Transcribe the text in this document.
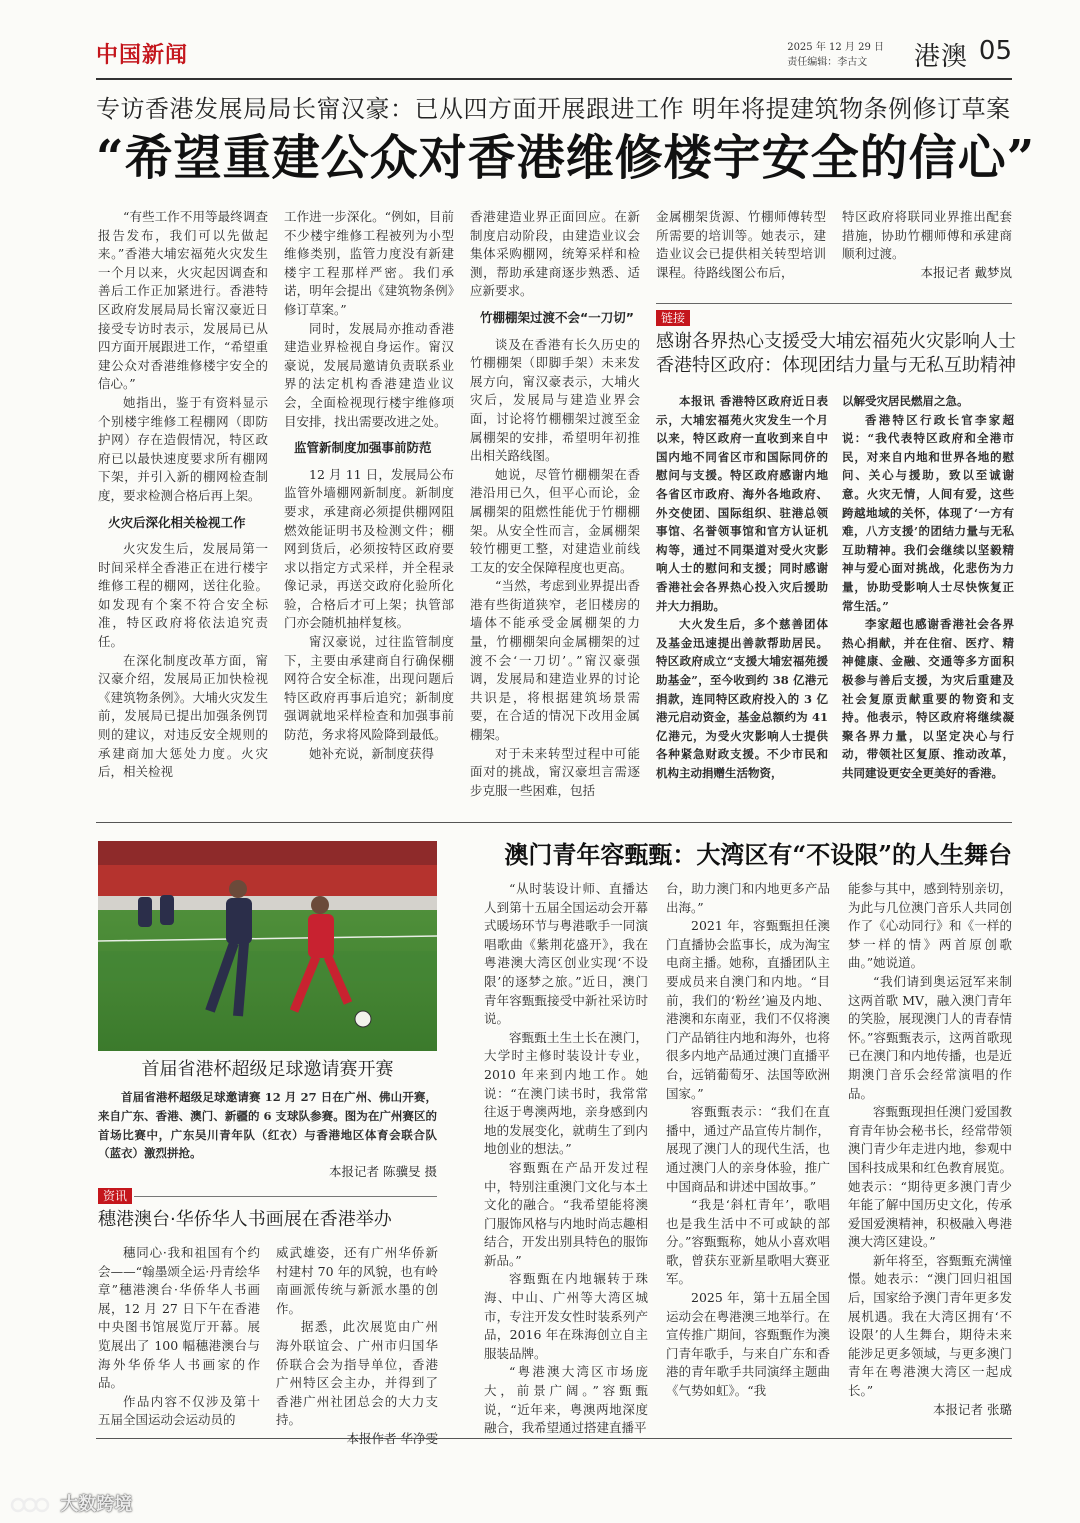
中国新闻	2025 年 12 月 29 日
责任编辑：李古文	港澳 05
专访香港发展局局长甯汉豪：已从四方面开展跟进工作 明年将提建筑物条例修订草案
“希望重建公众对香港维修楼宇安全的信心”

“有些工作不用等最终调查报告发布，我们可以先做起来。”香港大埔宏福苑火灾发生一个月以来，火灾起因调查和善后工作正加紧进行。香港特区政府发展局局长甯汉豪近日接受专访时表示，发展局已从四方面开展跟进工作，“希望重建公众对香港维修楼宇安全的信心。”

她指出，鉴于有资料显示个别楼宇维修工程棚网（即防护网）存在造假情况，特区政府已以最快速度要求所有棚网下架，并引入新的棚网检查制度，要求检测合格后再上架。

火灾后深化相关检视工作

火灾发生后，发展局第一时间采样全香港正在进行楼宇维修工程的棚网，送往化验。如发现有个案不符合安全标准，特区政府将依法追究责任。

在深化制度改革方面，甯汉豪介绍，发展局正加快检视《建筑物条例》。大埔火灾发生前，发展局已提出加强条例罚则的建议，对违反安全规则的承建商加大惩处力度。火灾后，相关检视

工作进一步深化。“例如，目前不少楼宇维修工程被列为小型维修类别，监管力度没有新建楼宇工程那样严密。我们承诺，明年会提出《建筑物条例》修订草案。”

同时，发展局亦推动香港建造业界检视自身运作。甯汉豪说，发展局邀请负责联系业界的法定机构香港建造业议会，全面检视现行楼宇维修项目安排，找出需要改进之处。

监管新制度加强事前防范

12 月 11 日，发展局公布监管外墙棚网新制度。新制度要求，承建商必须提供棚网阻燃效能证明书及检测文件；棚网到货后，必须按特区政府要求以指定方式采样，并全程录像记录，再送交政府化验所化验，合格后才可上架；执管部门亦会随机抽样复核。

甯汉豪说，过往监管制度下，主要由承建商自行确保棚网符合安全标准，出现问题后特区政府再事后追究；新制度强调就地采样检查和加强事前防范，务求将风险降到最低。

她补充说，新制度获得

香港建造业界正面回应。在新制度启动阶段，由建造业议会集体采购棚网，统筹采样和检测，帮助承建商逐步熟悉、适应新要求。

竹棚棚架过渡不会“一刀切”

谈及在香港有长久历史的竹棚棚架（即脚手架）未来发展方向，甯汉豪表示，大埔火灾后，发展局与建造业界会面，讨论将竹棚棚架过渡至金属棚架的安排，希望明年初推出相关路线图。

她说，尽管竹棚棚架在香港沿用已久，但平心而论，金属棚架的阻燃性能优于竹棚棚架。从安全性而言，金属棚架较竹棚更工整，对建造业前线工友的安全保障程度也更高。

“当然，考虑到业界提出香港有些街道狭窄，老旧楼房的墙体不能承受金属棚架的力量，竹棚棚架向金属棚架的过渡不会‘一刀切’。”甯汉豪强调，发展局和建造业界的讨论共识是，将根据建筑场景需要，在合适的情况下改用金属棚架。

对于未来转型过程中可能面对的挑战，甯汉豪坦言需逐步克服一些困难，包括

金属棚架货源、竹棚师傅转型所需要的培训等。她表示，建造业议会已提供相关转型培训课程。待路线图公布后，

特区政府将联同业界推出配套措施，协助竹棚师傅和承建商顺利过渡。

本报记者 戴梦岚
链接
感谢各界热心支援受大埔宏福苑火灾影响人士
香港特区政府：体现团结力量与无私互助精神

本报讯 香港特区政府近日表示，大埔宏福苑火灾发生一个月以来，特区政府一直收到来自中国内地不同省区市和国际同侪的慰问与支援。特区政府感谢内地各省区市政府、海外各地政府、外交使团、国际组织、驻港总领事馆、名誉领事馆和官方认证机构等，通过不同渠道对受火灾影响人士的慰问和支援；同时感谢香港社会各界热心投入灾后援助并大力捐助。

大火发生后，多个慈善团体及基金迅速提出善款帮助居民。特区政府成立“支援大埔宏福苑援助基金”，至今收到约 38 亿港元捐款，连同特区政府投入的 3 亿港元启动资金，基金总额约为 41 亿港元，为受火灾影响人士提供各种紧急财政支援。不少市民和机构主动捐赠生活物资，

以解受灾居民燃眉之急。

香港特区行政长官李家超说：“我代表特区政府和全港市民，对来自内地和世界各地的慰问、关心与援助，致以至诚谢意。火灾无情，人间有爱，这些跨越地域的关怀，体现了‘一方有难，八方支援’的团结力量与无私互助精神。我们会继续以坚毅精神与爱心面对挑战，化悲伤为力量，协助受影响人士尽快恢复正常生活。”

李家超也感谢香港社会各界热心捐献，并在住宿、医疗、精神健康、金融、交通等多方面积极参与善后支援，为灾后重建及社会复原贡献重要的物资和支持。他表示，特区政府将继续凝聚各界力量，以坚定决心与行动，带领社区复原、推动改革，共同建设更安全更美好的香港。

首届省港杯超级足球邀请赛开赛

首届省港杯超级足球邀请赛 12 月 27 日在广州、佛山开赛，来自广东、香港、澳门、新疆的 6 支球队参赛。图为在广州赛区的首场比赛中，广东吴川青年队（红衣）与香港地区体育会联合队（蓝衣）激烈拼抢。

本报记者 陈骥旻 摄
资讯
穗港澳台·华侨华人书画展在香港举办

穗同心·我和祖国有个约会——“翰墨颂全运·丹青绘华章”穗港澳台·华侨华人书画展，12 月 27 日下午在香港中央图书馆展览厅开幕。展览展出了 100 幅穗港澳台与海外华侨华人书画家的作品。

作品内容不仅涉及第十五届全国运动会运动员的

威武雄姿，还有广州华侨新村建村 70 年的风貌，也有岭南画派传统与新派水墨的创作。

据悉，此次展览由广州海外联谊会、广州市归国华侨联合会为指导单位，香港广州特区会主办，并得到了香港广州社团总会的大力支持。

本报作者 华净雯
澳门青年容甄甄：大湾区有“不设限”的人生舞台

“从时装设计师、直播达人到第十五届全国运动会开幕式暖场环节与粤港歌手一同演唱歌曲《紫荆花盛开》，我在粤港澳大湾区创业实现‘不设限’的逐梦之旅。”近日，澳门青年容甄甄接受中新社采访时说。

容甄甄土生土长在澳门，大学时主修时装设计专业，2010 年来到内地工作。她说：“在澳门读书时，我常常往返于粤澳两地，亲身感到内地的发展变化，就萌生了到内地创业的想法。”

容甄甄在产品开发过程中，特别注重澳门文化与本土文化的融合。“我希望能将澳门服饰风格与内地时尚志趣相结合，开发出别具特色的服饰新品。”

容甄甄在内地辗转于珠海、中山、广州等大湾区城市，专注开发女性时装系列产品，2016 年在珠海创立自主服装品牌。

“粤港澳大湾区市场庞大，前景广阔。”容甄甄说，“近年来，粤澳两地深度融合，我希望通过搭建直播平

台，助力澳门和内地更多产品出海。”

2021 年，容甄甄担任澳门直播协会监事长，成为淘宝电商主播。她称，直播团队主要成员来自澳门和内地。“目前，我们的‘粉丝’遍及内地、港澳和东南亚，我们不仅将澳门产品销往内地和海外，也将很多内地产品通过澳门直播平台，远销葡萄牙、法国等欧洲国家。”

容甄甄表示：“我们在直播中，通过产品宣传片制作，展现了澳门人的现代生活，也通过澳门人的亲身体验，推广中国商品和讲述中国故事。”

“我是‘斜杠青年’，歌唱也是我生活中不可或缺的部分。”容甄甄称，她从小喜欢唱歌，曾获东亚新星歌唱大赛亚军。

2025 年，第十五届全国运动会在粤港澳三地举行。在宣传推广期间，容甄甄作为澳门青年歌手，与来自广东和香港的青年歌手共同演绎主题曲《气势如虹》。“我

能参与其中，感到特别亲切，为此与几位澳门音乐人共同创作了《心动同行》和《一样的梦一样的情》两首原创歌曲。”她说道。

“我们请到奥运冠军来制这两首歌 MV，融入澳门青年的笑脸，展现澳门人的青春情怀。”容甄甄表示，这两首歌现已在澳门和内地传播，也是近期澳门音乐会经常演唱的作品。

容甄甄现担任澳门爱国教育青年协会秘书长，经常带领澳门青少年走进内地，参观中国科技成果和红色教育展览。她表示：“期待更多澳门青少年能了解中国历史文化，传承爱国爱澳精神，积极融入粤港澳大湾区建设。”

新年将至，容甄甄充满憧憬。她表示：“澳门回归祖国后，国家给予澳门青年更多发展机遇。我在大湾区拥有‘不设限’的人生舞台，期待未来能涉足更多领域，与更多澳门青年在粤港澳大湾区一起成长。”

本报记者 张璐
大数跨境
